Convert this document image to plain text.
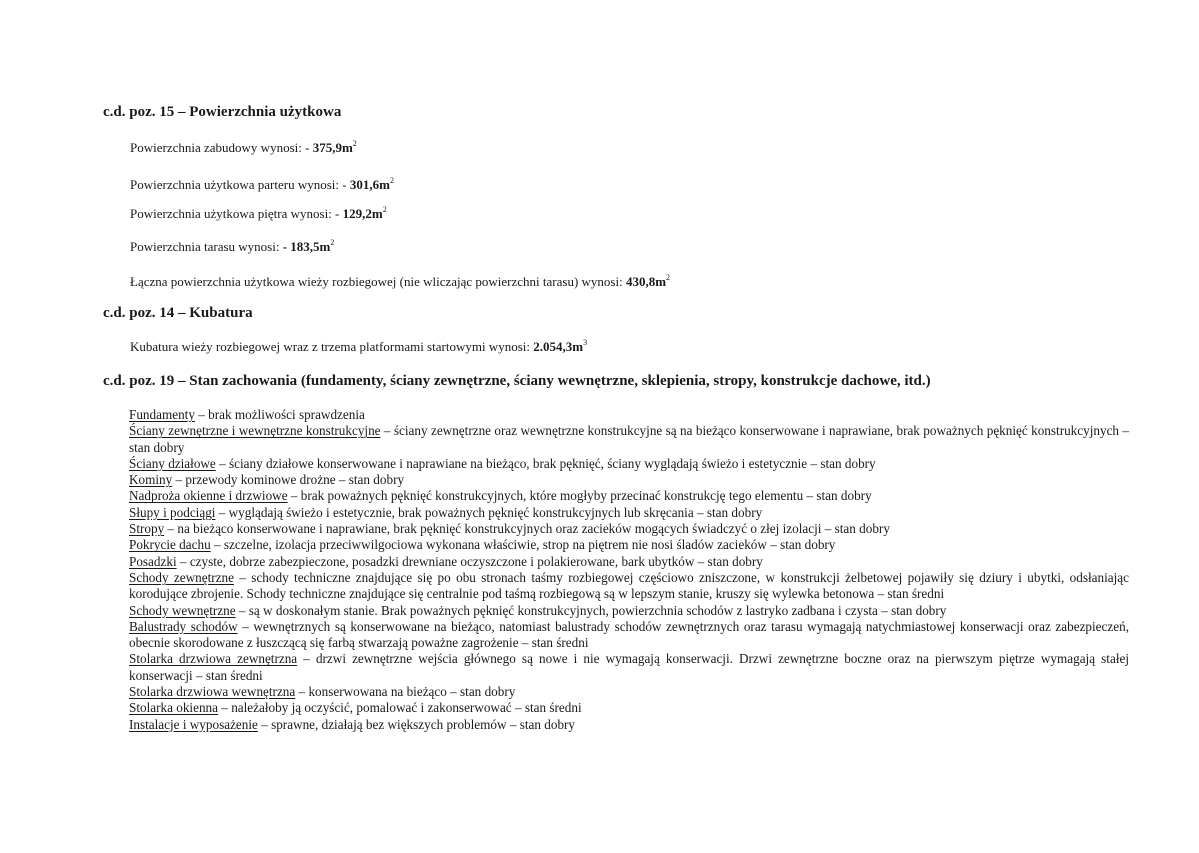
c.d. poz. 15 – Powierzchnia użytkowa
Powierzchnia zabudowy wynosi: - $375,9m^2$
Powierzchnia użytkowa parteru wynosi: - $301,6m^2$
Powierzchnia użytkowa piętra wynosi: - $129,2m^2$
Powierzchnia tarasu wynosi: - $183,5m^2$
Łączna powierzchnia użytkowa wieży rozbiegowej (nie wliczając powierzchni tarasu) wynosi: $430,8m^2$
c.d. poz. 14 – Kubatura
Kubatura wieży rozbiegowej wraz z trzema platformami startowymi wynosi: $2.054,3m^3$
c.d. poz. 19 – Stan zachowania (fundamenty, ściany zewnętrzne, ściany wewnętrzne, sklepienia, stropy, konstrukcje dachowe, itd.)

Fundamenty – brak możliwości sprawdzenia

Ściany zewnętrzne i wewnętrzne konstrukcyjne – ściany zewnętrzne oraz wewnętrzne konstrukcyjne są na bieżąco konserwowane i naprawiane, brak poważnych pęknięć konstrukcyjnych – stan dobry

Ściany działowe – ściany działowe konserwowane i naprawiane na bieżąco, brak pęknięć, ściany wyglądają świeżo i estetycznie – stan dobry

Kominy – przewody kominowe drożne – stan dobry

Nadproża okienne i drzwiowe – brak poważnych pęknięć konstrukcyjnych, które mogłyby przecinać konstrukcję tego elementu – stan dobry

Słupy i podciągi – wyglądają świeżo i estetycznie, brak poważnych pęknięć konstrukcyjnych lub skręcania – stan dobry

Stropy – na bieżąco konserwowane i naprawiane, brak pęknięć konstrukcyjnych oraz zacieków mogących świadczyć o złej izolacji – stan dobry

Pokrycie dachu – szczelne, izolacja przeciwwilgociowa wykonana właściwie, strop na piętrem nie nosi śladów zacieków – stan dobry

Posadzki – czyste, dobrze zabezpieczone, posadzki drewniane oczyszczone i polakierowane, bark ubytków – stan dobry

Schody zewnętrzne – schody techniczne znajdujące się po obu stronach taśmy rozbiegowej częściowo zniszczone, w konstrukcji żelbetowej pojawiły się dziury i ubytki, odsłaniając korodujące zbrojenie. Schody techniczne znajdujące się centralnie pod taśmą rozbiegową są w lepszym stanie, kruszy się wylewka betonowa – stan średni

Schody wewnętrzne – są w doskonałym stanie. Brak poważnych pęknięć konstrukcyjnych, powierzchnia schodów z lastryko zadbana i czysta – stan dobry

Balustrady schodów – wewnętrznych są konserwowane na bieżąco, natomiast balustrady schodów zewnętrznych oraz tarasu wymagają natychmiastowej konserwacji oraz zabezpieczeń, obecnie skorodowane z łuszczącą się farbą stwarzają poważne zagrożenie – stan średni

Stolarka drzwiowa zewnętrzna – drzwi zewnętrzne wejścia głównego są nowe i nie wymagają konserwacji. Drzwi zewnętrzne boczne oraz na pierwszym piętrze wymagają stałej konserwacji – stan średni

Stolarka drzwiowa wewnętrzna – konserwowana na bieżąco – stan dobry

Stolarka okienna – należałoby ją oczyścić, pomalować i zakonserwować – stan średni

Instalacje i wyposażenie – sprawne, działają bez większych problemów – stan dobry
